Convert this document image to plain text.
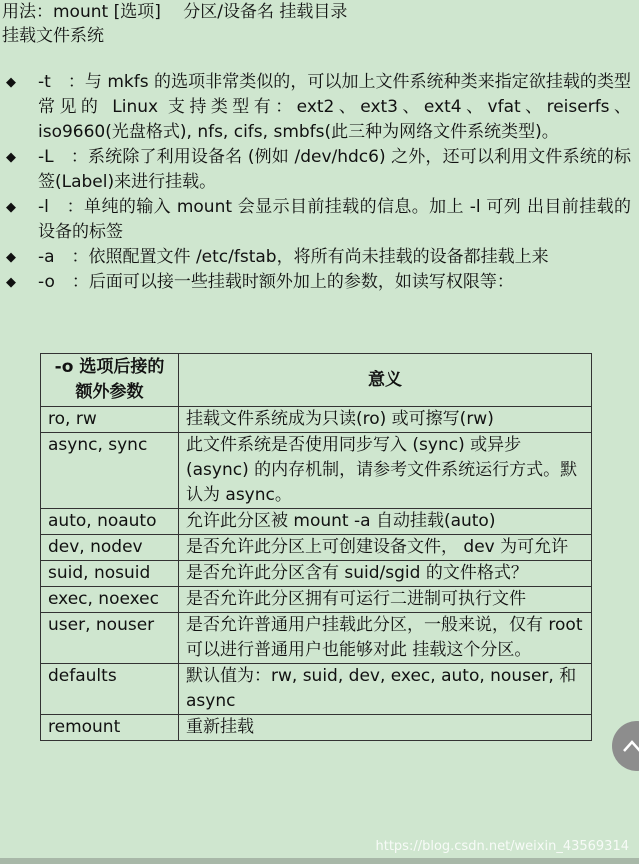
用法：mount [选项]　 分区/设备名 挂载目录
挂载文件系统
◆ -t　：与 mkfs 的选项非常类似的，可以加上文件系统种类来指定欲挂载的类型常见的 Linux 支持类型有：ext2、ext3、ext4、vfat、reiserfs、iso9660(光盘格式), nfs, cifs, smbfs(此三种为网络文件系统类型)。
◆ -L　：系统除了利用设备名 (例如 /dev/hdc6) 之外，还可以利用文件系统的标签(Label)来进行挂载。
◆ -l　：单纯的输入 mount 会显示目前挂载的信息。加上 -l 可列 出目前挂载的设备的标签
◆ -a　：依照配置文件 /etc/fstab，将所有尚未挂载的设备都挂载上来
◆ -o　：后面可以接一些挂载时额外加上的参数，如读写权限等：
-o 选项后接的额外参数	意义
ro, rw	挂载文件系统成为只读(ro) 或可擦写(rw)
async, sync	此文件系统是否使用同步写入 (sync) 或异步 (async) 的内存机制，请参考文件系统运行方式。默认为 async。
auto, noauto	允许此分区被 mount -a 自动挂载(auto)
dev, nodev	是否允许此分区上可创建设备文件， dev 为可允许
suid, nosuid	是否允许此分区含有 suid/sgid 的文件格式？
exec, noexec	是否允许此分区拥有可运行二进制可执行文件
user, nouser	是否允许普通用户挂载此分区，一般来说，仅有 root 可以进行普通用户也能够对此 挂载这个分区。
defaults	默认值为：rw, suid, dev, exec, auto, nouser, 和 async
remount	重新挂载
https://blog.csdn.net/weixin_43569314
